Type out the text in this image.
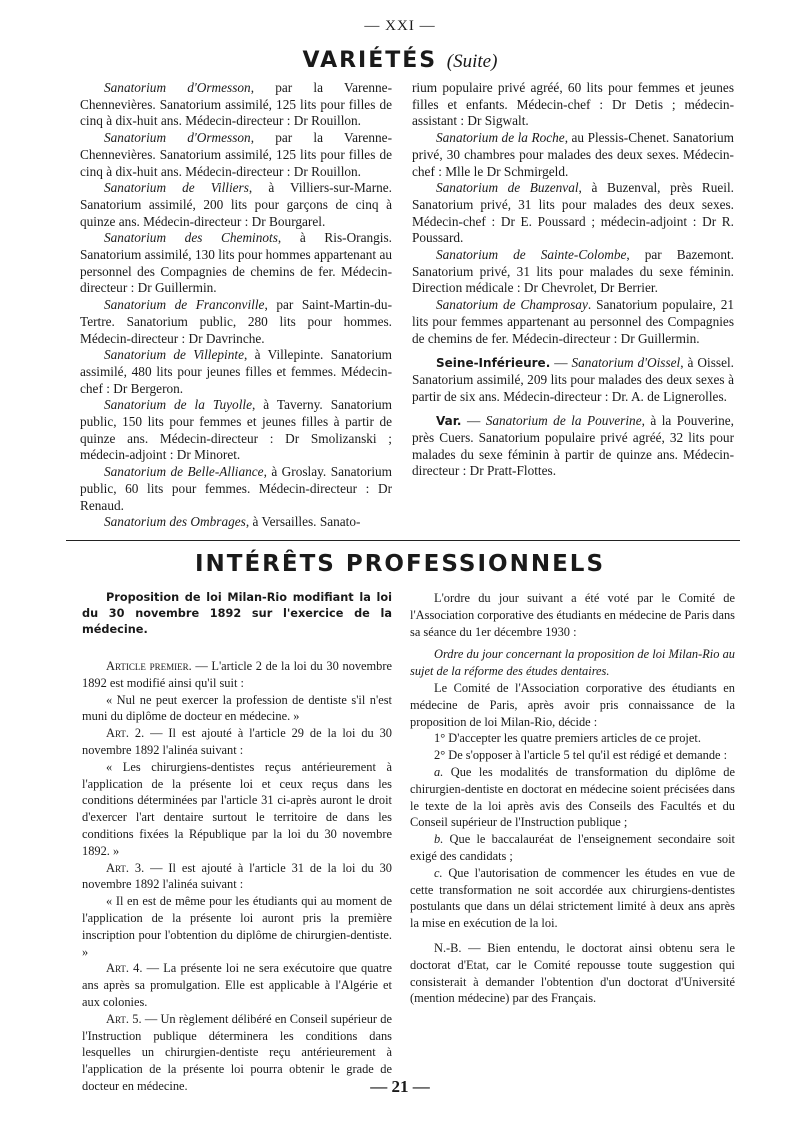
— XXI —
VARIÉTÉS (Suite)

Sanatorium d'Ormesson, par la Varenne-Chennevières. Sanatorium assimilé, 125 lits pour filles de cinq à dix-huit ans. Médecin-directeur : Dr Rouillon.

Sanatorium d'Ormesson, par la Varenne-Chennevières. Sanatorium assimilé, 125 lits pour filles de cinq à dix-huit ans. Médecin-directeur : Dr Rouillon.

Sanatorium de Villiers, à Villiers-sur-Marne. Sanatorium assimilé, 200 lits pour garçons de cinq à quinze ans. Médecin-directeur : Dr Bourgarel.

Sanatorium des Cheminots, à Ris-Orangis. Sanatorium assimilé, 130 lits pour hommes appartenant au personnel des Compagnies de chemins de fer. Médecin-directeur : Dr Guillermin.

Sanatorium de Franconville, par Saint-Martin-du-Tertre. Sanatorium public, 280 lits pour hommes. Médecin-directeur : Dr Davrinche.

Sanatorium de Villepinte, à Villepinte. Sanatorium assimilé, 480 lits pour jeunes filles et femmes. Médecin-chef : Dr Bergeron.

Sanatorium de la Tuyolle, à Taverny. Sanatorium public, 150 lits pour femmes et jeunes filles à partir de quinze ans. Médecin-directeur : Dr Smolizanski ; médecin-adjoint : Dr Minoret.

Sanatorium de Belle-Alliance, à Groslay. Sanatorium public, 60 lits pour femmes. Médecin-directeur : Dr Renaud.

Sanatorium des Ombrages, à Versailles. Sanato-

rium populaire privé agréé, 60 lits pour femmes et jeunes filles et enfants. Médecin-chef : Dr Detis ; médecin-assistant : Dr Sigwalt.

Sanatorium de la Roche, au Plessis-Chenet. Sanatorium privé, 30 chambres pour malades des deux sexes. Médecin-chef : Mlle le Dr Schmirgeld.

Sanatorium de Buzenval, à Buzenval, près Rueil. Sanatorium privé, 31 lits pour malades des deux sexes. Médecin-chef : Dr E. Poussard ; médecin-adjoint : Dr R. Poussard.

Sanatorium de Sainte-Colombe, par Bazemont. Sanatorium privé, 31 lits pour malades du sexe féminin. Direction médicale : Dr Chevrolet, Dr Berrier.

Sanatorium de Champrosay. Sanatorium populaire, 21 lits pour femmes appartenant au personnel des Compagnies de chemins de fer. Médecin-directeur : Dr Guillermin.

Seine-Inférieure. — Sanatorium d'Oissel, à Oissel. Sanatorium assimilé, 209 lits pour malades des deux sexes à partir de six ans. Médecin-directeur : Dr. A. de Lignerolles.

Var. — Sanatorium de la Pouverine, à la Pouverine, près Cuers. Sanatorium populaire privé agréé, 32 lits pour malades du sexe féminin à partir de quinze ans. Médecin-directeur : Dr Pratt-Flottes.

INTÉRÊTS PROFESSIONNELS

Proposition de loi Milan-Rio modifiant la loi du 30 novembre 1892 sur l'exercice de la médecine.

Article premier. — L'article 2 de la loi du 30 novembre 1892 est modifié ainsi qu'il suit :

« Nul ne peut exercer la profession de dentiste s'il n'est muni du diplôme de docteur en médecine. »

Art. 2. — Il est ajouté à l'article 29 de la loi du 30 novembre 1892 l'alinéa suivant :

« Les chirurgiens-dentistes reçus antérieurement à l'application de la présente loi et ceux reçus dans les conditions déterminées par l'article 31 ci-après auront le droit d'exercer l'art dentaire surtout le territoire de dans les conditions fixées la République par la loi du 30 novembre 1892. »

Art. 3. — Il est ajouté à l'article 31 de la loi du 30 novembre 1892 l'alinéa suivant :

« Il en est de même pour les étudiants qui au moment de l'application de la présente loi auront pris la première inscription pour l'obtention du diplôme de chirurgien-dentiste. »

Art. 4. — La présente loi ne sera exécutoire que quatre ans après sa promulgation. Elle est applicable à l'Algérie et aux colonies.

Art. 5. — Un règlement délibéré en Conseil supérieur de l'Instruction publique déterminera les conditions dans lesquelles un chirurgien-dentiste reçu antérieurement à l'application de la présente loi pourra obtenir le grade de docteur en médecine.

L'ordre du jour suivant a été voté par le Comité de l'Association corporative des étudiants en médecine de Paris dans sa séance du 1er décembre 1930 :

Ordre du jour concernant la proposition de loi Milan-Rio au sujet de la réforme des études dentaires.

Le Comité de l'Association corporative des étudiants en médecine de Paris, après avoir pris connaissance de la proposition de loi Milan-Rio, décide :

1° D'accepter les quatre premiers articles de ce projet.

2° De s'opposer à l'article 5 tel qu'il est rédigé et demande :

a. Que les modalités de transformation du diplôme de chirurgien-dentiste en doctorat en médecine soient précisées dans le texte de la loi après avis des Conseils des Facultés et du Conseil supérieur de l'Instruction publique ;

b. Que le baccalauréat de l'enseignement secondaire soit exigé des candidats ;

c. Que l'autorisation de commencer les études en vue de cette transformation ne soit accordée aux chirurgiens-dentistes postulants que dans un délai strictement limité à deux ans après la mise en exécution de la loi.

N.-B. — Bien entendu, le doctorat ainsi obtenu sera le doctorat d'Etat, car le Comité repousse toute suggestion qui consisterait à demander l'obtention d'un doctorat d'Université (mention médecine) par des Français.

— 21 —
